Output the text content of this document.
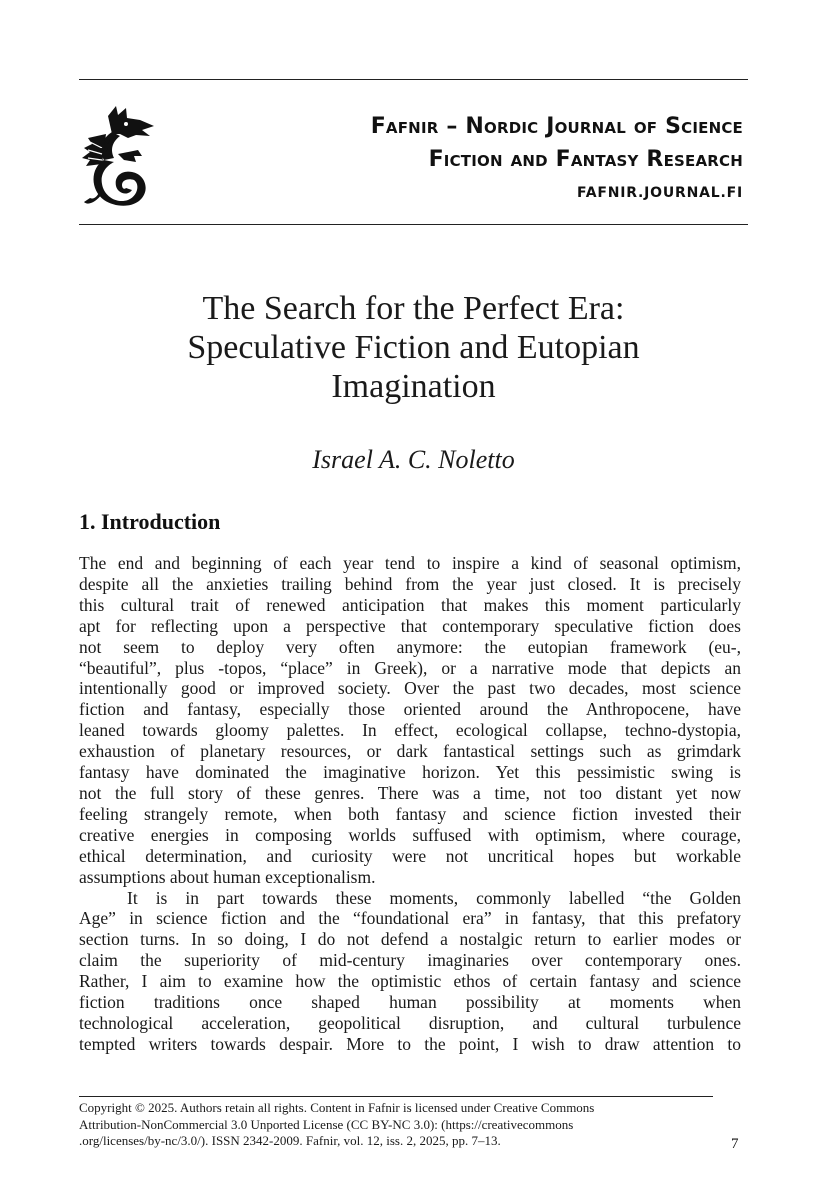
Fafnir – Nordic Journal of Science
Fiction and Fantasy Research
FAFNIR.JOURNAL.FI
The Search for the Perfect Era:
Speculative Fiction and Eutopian
Imagination
Israel A. C. Noletto
1. Introduction
The end and beginning of each year tend to inspire a kind of seasonal optimism,
despite all the anxieties trailing behind from the year just closed. It is precisely
this cultural trait of renewed anticipation that makes this moment particularly
apt for reflecting upon a perspective that contemporary speculative fiction does
not seem to deploy very often anymore: the eutopian framework (eu-,
“beautiful”, plus -topos, “place” in Greek), or a narrative mode that depicts an
intentionally good or improved society. Over the past two decades, most science
fiction and fantasy, especially those oriented around the Anthropocene, have
leaned towards gloomy palettes. In effect, ecological collapse, techno-dystopia,
exhaustion of planetary resources, or dark fantastical settings such as grimdark
fantasy have dominated the imaginative horizon. Yet this pessimistic swing is
not the full story of these genres. There was a time, not too distant yet now
feeling strangely remote, when both fantasy and science fiction invested their
creative energies in composing worlds suffused with optimism, where courage,
ethical determination, and curiosity were not uncritical hopes but workable
assumptions about human exceptionalism.
It is in part towards these moments, commonly labelled “the Golden
Age” in science fiction and the “foundational era” in fantasy, that this prefatory
section turns. In so doing, I do not defend a nostalgic return to earlier modes or
claim the superiority of mid-century imaginaries over contemporary ones.
Rather, I aim to examine how the optimistic ethos of certain fantasy and science
fiction traditions once shaped human possibility at moments when
technological acceleration, geopolitical disruption, and cultural turbulence
tempted writers towards despair. More to the point, I wish to draw attention to
Copyright © 2025. Authors retain all rights. Content in Fafnir is licensed under Creative Commons
Attribution-NonCommercial 3.0 Unported License (CC BY-NC 3.0): (https://creativecommons
.org/licenses/by-nc/3.0/). ISSN 2342-2009. Fafnir, vol. 12, iss. 2, 2025, pp. 7–13.	7
